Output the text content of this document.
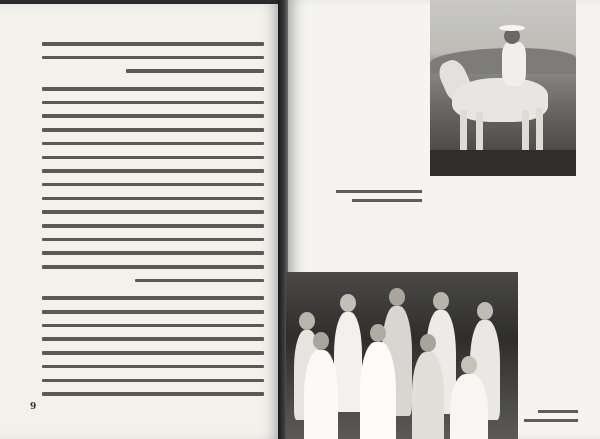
9
